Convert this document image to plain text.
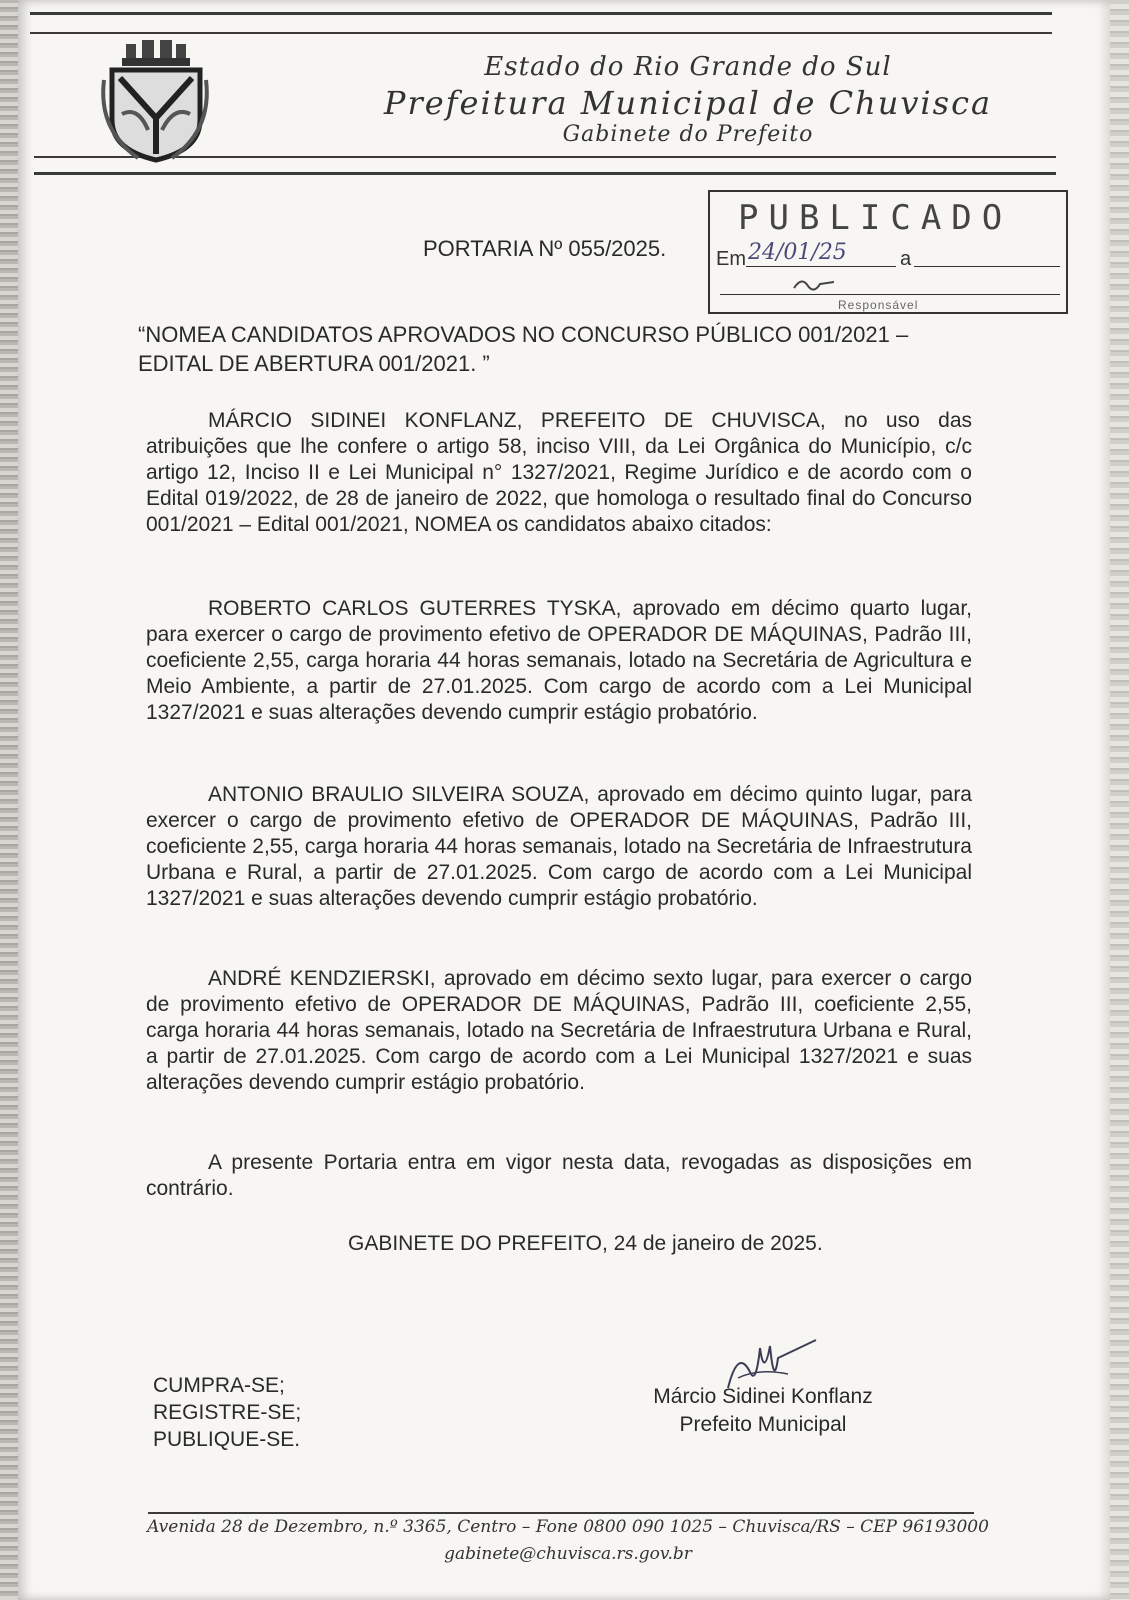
Estado do Rio Grande do Sul
Prefeitura Municipal de Chuvisca
Gabinete do Prefeito
PUBLICADO
Em 24/01/25	a
Responsável
PORTARIA Nº 055/2025.
“NOMEA CANDIDATOS APROVADOS NO CONCURSO PÚBLICO 001/2021 – EDITAL DE ABERTURA 001/2021. ”

MÁRCIO SIDINEI KONFLANZ, PREFEITO DE CHUVISCA, no uso das atribuições que lhe confere o artigo 58, inciso VIII, da Lei Orgânica do Município, c/c artigo 12, Inciso II e Lei Municipal n° 1327/2021, Regime Jurídico e de acordo com o Edital 019/2022, de 28 de janeiro de 2022, que homologa o resultado final do Concurso 001/2021 – Edital 001/2021, NOMEA os candidatos abaixo citados:

ROBERTO CARLOS GUTERRES TYSKA, aprovado em décimo quarto lugar, para exercer o cargo de provimento efetivo de OPERADOR DE MÁQUINAS, Padrão III, coeficiente 2,55, carga horaria 44 horas semanais, lotado na Secretária de Agricultura e Meio Ambiente, a partir de 27.01.2025. Com cargo de acordo com a Lei Municipal 1327/2021 e suas alterações devendo cumprir estágio probatório.

ANTONIO BRAULIO SILVEIRA SOUZA, aprovado em décimo quinto lugar, para exercer o cargo de provimento efetivo de OPERADOR DE MÁQUINAS, Padrão III, coeficiente 2,55, carga horaria 44 horas semanais, lotado na Secretária de Infraestrutura Urbana e Rural, a partir de 27.01.2025. Com cargo de acordo com a Lei Municipal 1327/2021 e suas alterações devendo cumprir estágio probatório.

ANDRÉ KENDZIERSKI, aprovado em décimo sexto lugar, para exercer o cargo de provimento efetivo de OPERADOR DE MÁQUINAS, Padrão III, coeficiente 2,55, carga horaria 44 horas semanais, lotado na Secretária de Infraestrutura Urbana e Rural, a partir de 27.01.2025. Com cargo de acordo com a Lei Municipal 1327/2021 e suas alterações devendo cumprir estágio probatório.

A presente Portaria entra em vigor nesta data, revogadas as disposições em contrário.

GABINETE DO PREFEITO, 24 de janeiro de 2025.
CUMPRA-SE;
REGISTRE-SE;
PUBLIQUE-SE.
Márcio Sidinei Konflanz
Prefeito Municipal
Avenida 28 de Dezembro, n.º 3365, Centro – Fone 0800 090 1025 – Chuvisca/RS – CEP 96193000
gabinete@chuvisca.rs.gov.br
